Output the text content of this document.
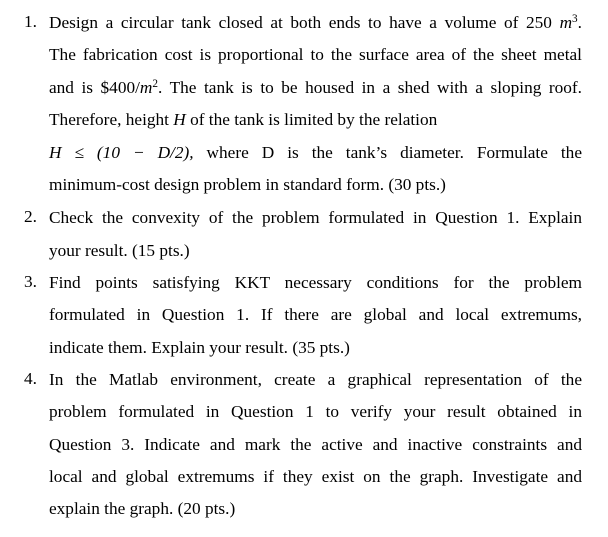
1. Design a circular tank closed at both ends to have a volume of 250 $m^3$.
The fabrication cost is proportional to the surface area of the sheet metal
and is $\$400/m^2$. The tank is to be housed in a shed with a sloping roof.
Therefore, height H of the tank is limited by the relation
H ≤ (10 − D/2), where D is the tank’s diameter. Formulate the
minimum-cost design problem in standard form. (30 pts.)
2. Check the convexity of the problem formulated in Question 1. Explain
your result. (15 pts.)
3. Find points satisfying KKT necessary conditions for the problem
formulated in Question 1. If there are global and local extremums,
indicate them. Explain your result. (35 pts.)
4. In the Matlab environment, create a graphical representation of the
problem formulated in Question 1 to verify your result obtained in
Question 3. Indicate and mark the active and inactive constraints and
local and global extremums if they exist on the graph. Investigate and
explain the graph. (20 pts.)
